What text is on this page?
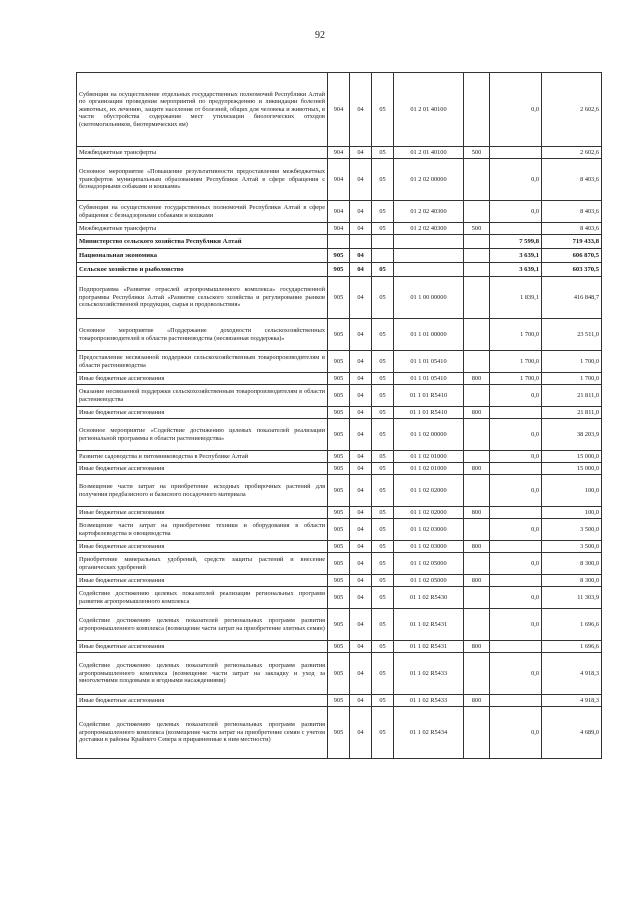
92
Субвенции на осуществление отдельных государственных полномочий Республики Алтай по организации проведения мероприятий по предупреждению и ликвидации болезней животных, их лечению, защите населения от болезней, общих для человека и животных, в части обустройства содержания мест утилизации биологических отходов (скотомогильников, биотермических ям)	904	04	05	01 2 01 40100		0,0	2 602,6
Межбюджетные трансферты	904	04	05	01 2 01 40100	500		2 602,6
Основное мероприятие «Повышение результативности предоставления межбюджетных трансфертов муниципальным образованиям Республики Алтай в сфере обращения с безнадзорными собаками и кошками»	904	04	05	01 2 02 00000		0,0	8 403,6
Субвенции на осуществление государственных полномочий Республики Алтай в сфере обращения с безнадзорными собаками и кошками	904	04	05	01 2 02 40300		0,0	8 403,6
Межбюджетные трансферты	904	04	05	01 2 02 40300	500		8 403,6
Министерство сельского хозяйства Республики Алтай						7 599,8	719 433,8
Национальная экономика	905	04				3 639,1	606 870,5
Сельское хозяйство и рыболовство	905	04	05			3 639,1	603 370,5
Подпрограмма «Развитие отраслей агропромышленного комплекса» государственной программы Республики Алтай «Развитие сельского хозяйства и регулирование рынков сельскохозяйственной продукции, сырья и продовольствия»	905	04	05	01 1 00 00000		1 839,1	416 848,7
Основное мероприятие «Поддержание доходности сельскохозяйственных товаропроизводителей в области растениеводства (несвязанная поддержка)»	905	04	05	01 1 01 00000		1 700,0	23 511,0
Предоставление несвязанной поддержки сельскохозяйственным товаропроизводителям в области растениеводства	905	04	05	01 1 01 05410		1 700,0	1 700,0
Иные бюджетные ассигнования	905	04	05	01 1 01 05410	800	1 700,0	1 700,0
Оказание несвязанной поддержки сельскохозяйственным товаропроизводителям в области растениеводства	905	04	05	01 1 01 R5410		0,0	21 811,0
Иные бюджетные ассигнования	905	04	05	01 1 01 R5410	800		21 811,0
Основное мероприятие «Содействие достижению целевых показателей реализации региональной программы в области растениеводства»	905	04	05	01 1 02 00000		0,0	38 203,9
Развитие садоводства и питомниководства в Республике Алтай	905	04	05	01 1 02 01000		0,0	15 000,0
Иные бюджетные ассигнования	905	04	05	01 1 02 01000	800		15 000,0
Возмещение части затрат на приобретение исходных пробирочных растений для получения предбазисного и базисного посадочного материала	905	04	05	01 1 02 02000		0,0	100,0
Иные бюджетные ассигнования	905	04	05	01 1 02 02000	800		100,0
Возмещение части затрат на приобретение техники и оборудования в области картофелеводства и овощеводства	905	04	05	01 1 02 03000		0,0	3 500,0
Иные бюджетные ассигнования	905	04	05	01 1 02 03000	800		3 500,0
Приобретение минеральных удобрений, средств защиты растений и внесение органических удобрений	905	04	05	01 1 02 05000		0,0	8 300,0
Иные бюджетные ассигнования	905	04	05	01 1 02 05000	800		8 300,0
Содействие достижению целевых показателей реализации региональных программ развития агропромышленного комплекса	905	04	05	01 1 02 R5430		0,0	11 303,9
Содействие достижению целевых показателей региональных программ развития агропромышленного комплекса (возмещение части затрат на приобретение элитных семян)	905	04	05	01 1 02 R5431		0,0	1 696,6
Иные бюджетные ассигнования	905	04	05	01 1 02 R5431	800		1 696,6
Содействие достижению целевых показателей региональных программ развития агропромышленного комплекса (возмещение части затрат на закладку и уход за многолетними плодовыми и ягодными насаждениями)	905	04	05	01 1 02 R5433		0,0	4 918,3
Иные бюджетные ассигнования	905	04	05	01 1 02 R5433	800		4 918,3
Содействие достижению целевых показателей региональных программ развития агропромышленного комплекса (возмещение части затрат на приобретение семян с учетом доставки в районы Крайнего Севера и приравненные к ним местности)	905	04	05	01 1 02 R5434		0,0	4 689,0
